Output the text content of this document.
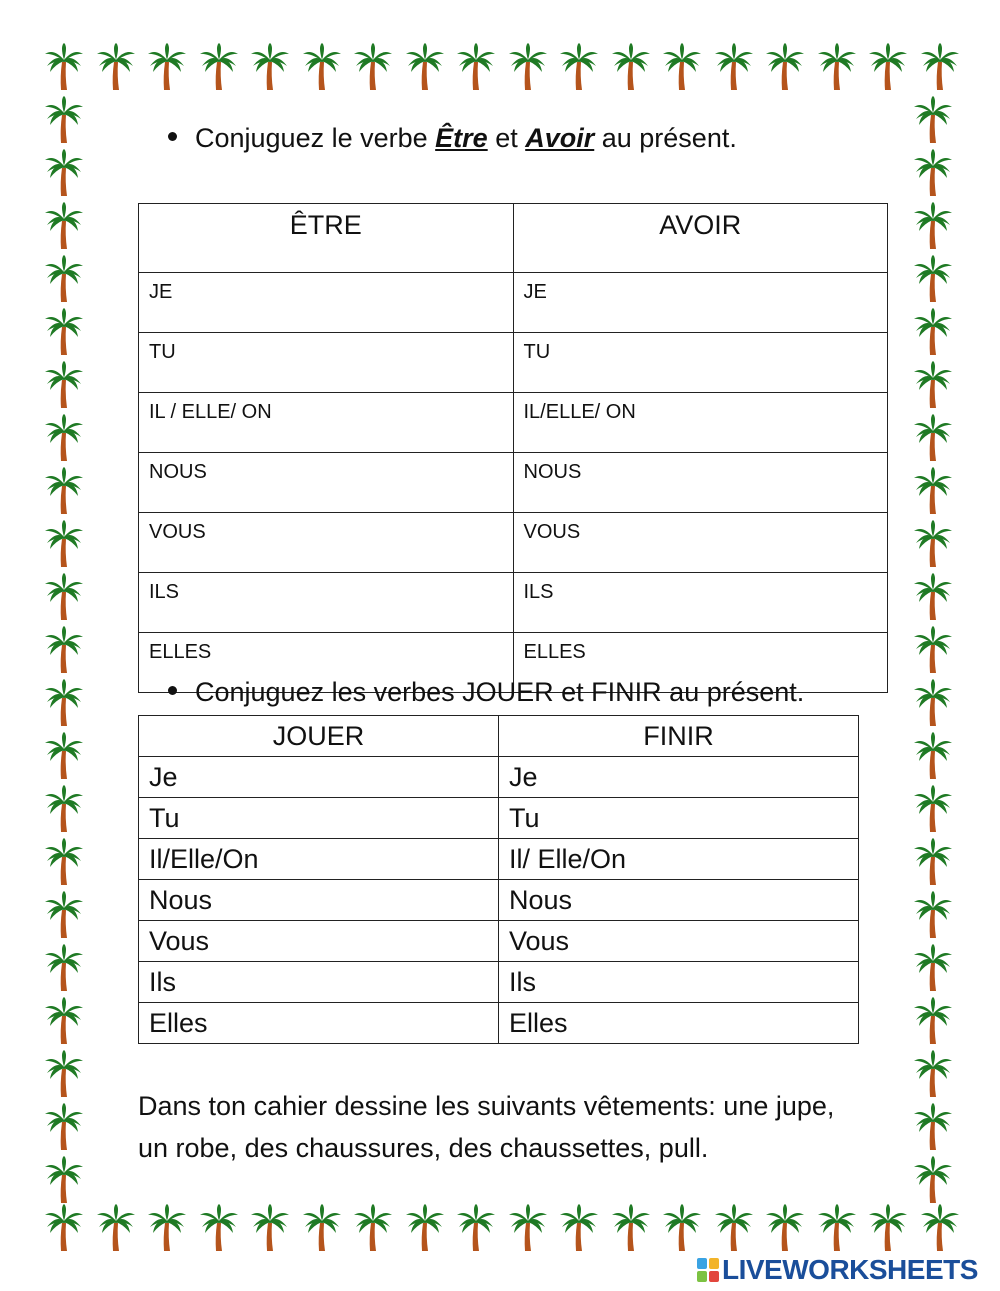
Conjuguez le verbe Être et Avoir au présent.
ÊTRE	AVOIR
JE	JE
TU	TU
IL / ELLE/ ON	IL/ELLE/ ON
NOUS	NOUS
VOUS	VOUS
ILS	ILS
ELLES	ELLES
Conjuguez les verbes JOUER et FINIR au présent.
JOUER	FINIR
Je	Je
Tu	Tu
Il/Elle/On	Il/ Elle/On
Nous	Nous
Vous	Vous
Ils	Ils
Elles	Elles
Dans ton cahier dessine les suivants vêtements: une jupe, un robe, des chaussures, des chaussettes, pull.
LIVEWORKSHEETS
